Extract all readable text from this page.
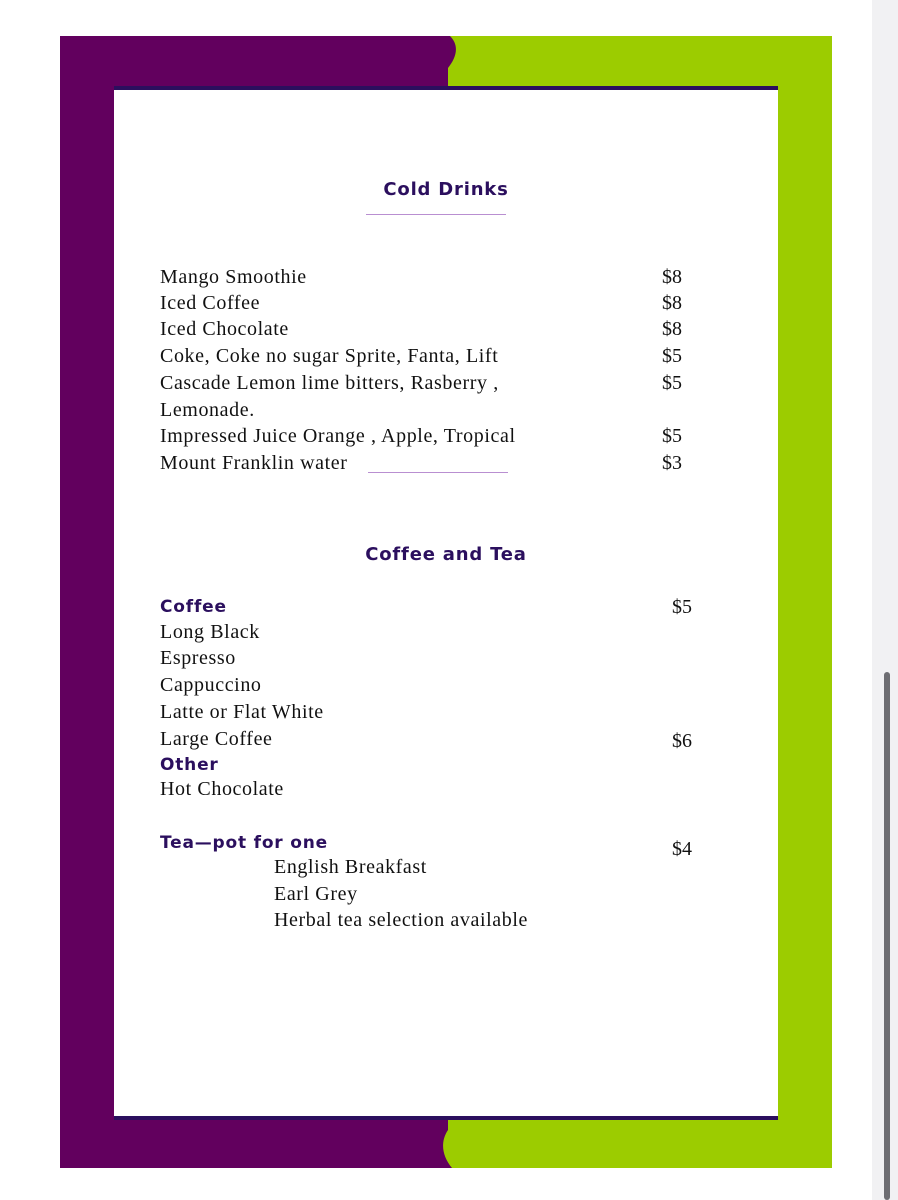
Cold Drinks
Mango Smoothie	$8
Iced Coffee	$8
Iced Chocolate	$8
Coke, Coke no sugar Sprite, Fanta, Lift	$5
Cascade Lemon lime bitters, Rasberry ,	$5
Lemonade.
Impressed Juice Orange , Apple, Tropical	$5
Mount Franklin water	$3
Coffee and Tea
Coffee	$5
Long Black
Espresso
Cappuccino
Latte or Flat White
Large Coffee	$6
Other
Hot Chocolate
Tea—pot for one	$4
English Breakfast
Earl Grey
Herbal tea selection available
